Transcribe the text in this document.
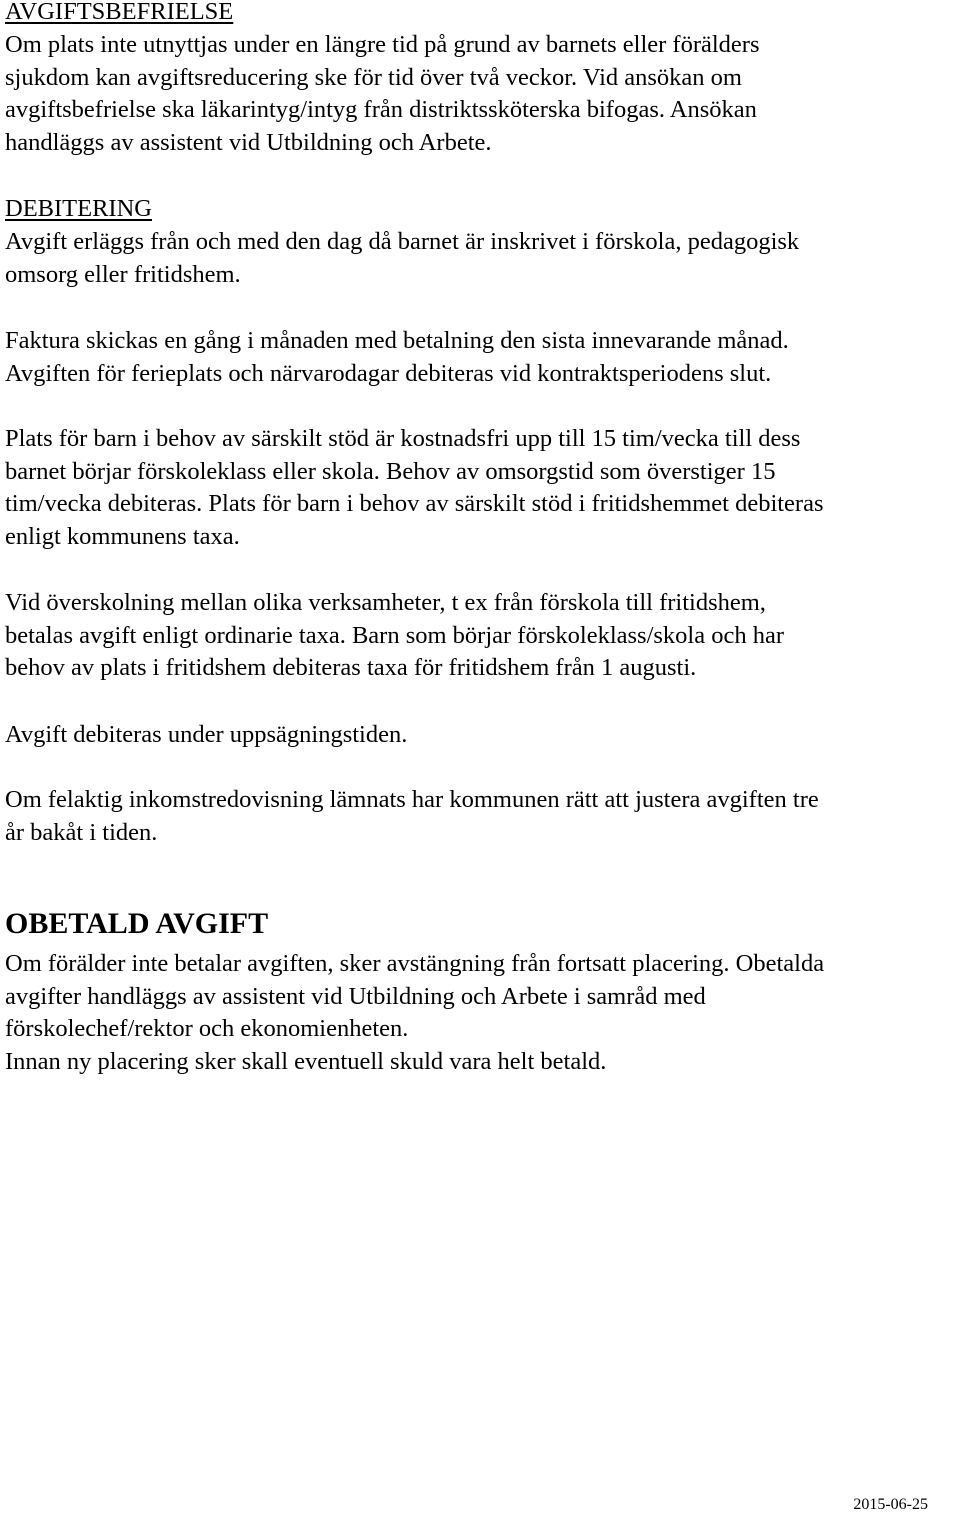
AVGIFTSBEFRIELSE

Om plats inte utnyttjas under en längre tid på grund av barnets eller förälders
sjukdom kan avgiftsreducering ske för tid över två veckor. Vid ansökan om
avgiftsbefrielse ska läkarintyg/intyg från distriktssköterska bifogas. Ansökan
handläggs av assistent vid Utbildning och Arbete.

DEBITERING

Avgift erläggs från och med den dag då barnet är inskrivet i förskola, pedagogisk
omsorg eller fritidshem.

Faktura skickas en gång i månaden med betalning den sista innevarande månad.
Avgiften för ferieplats och närvarodagar debiteras vid kontraktsperiodens slut.

Plats för barn i behov av särskilt stöd är kostnadsfri upp till 15 tim/vecka till dess
barnet börjar förskoleklass eller skola. Behov av omsorgstid som överstiger 15
tim/vecka debiteras. Plats för barn i behov av särskilt stöd i fritidshemmet debiteras
enligt kommunens taxa.

Vid överskolning mellan olika verksamheter, t ex från förskola till fritidshem,
betalas avgift enligt ordinarie taxa. Barn som börjar förskoleklass/skola och har
behov av plats i fritidshem debiteras taxa för fritidshem från 1 augusti.

Avgift debiteras under uppsägningstiden.

Om felaktig inkomstredovisning lämnats har kommunen rätt att justera avgiften tre
år bakåt i tiden.

OBETALD AVGIFT

Om förälder inte betalar avgiften, sker avstängning från fortsatt placering. Obetalda
avgifter handläggs av assistent vid Utbildning och Arbete i samråd med
förskolechef/rektor och ekonomienheten.
Innan ny placering sker skall eventuell skuld vara helt betald.

2015-06-25
